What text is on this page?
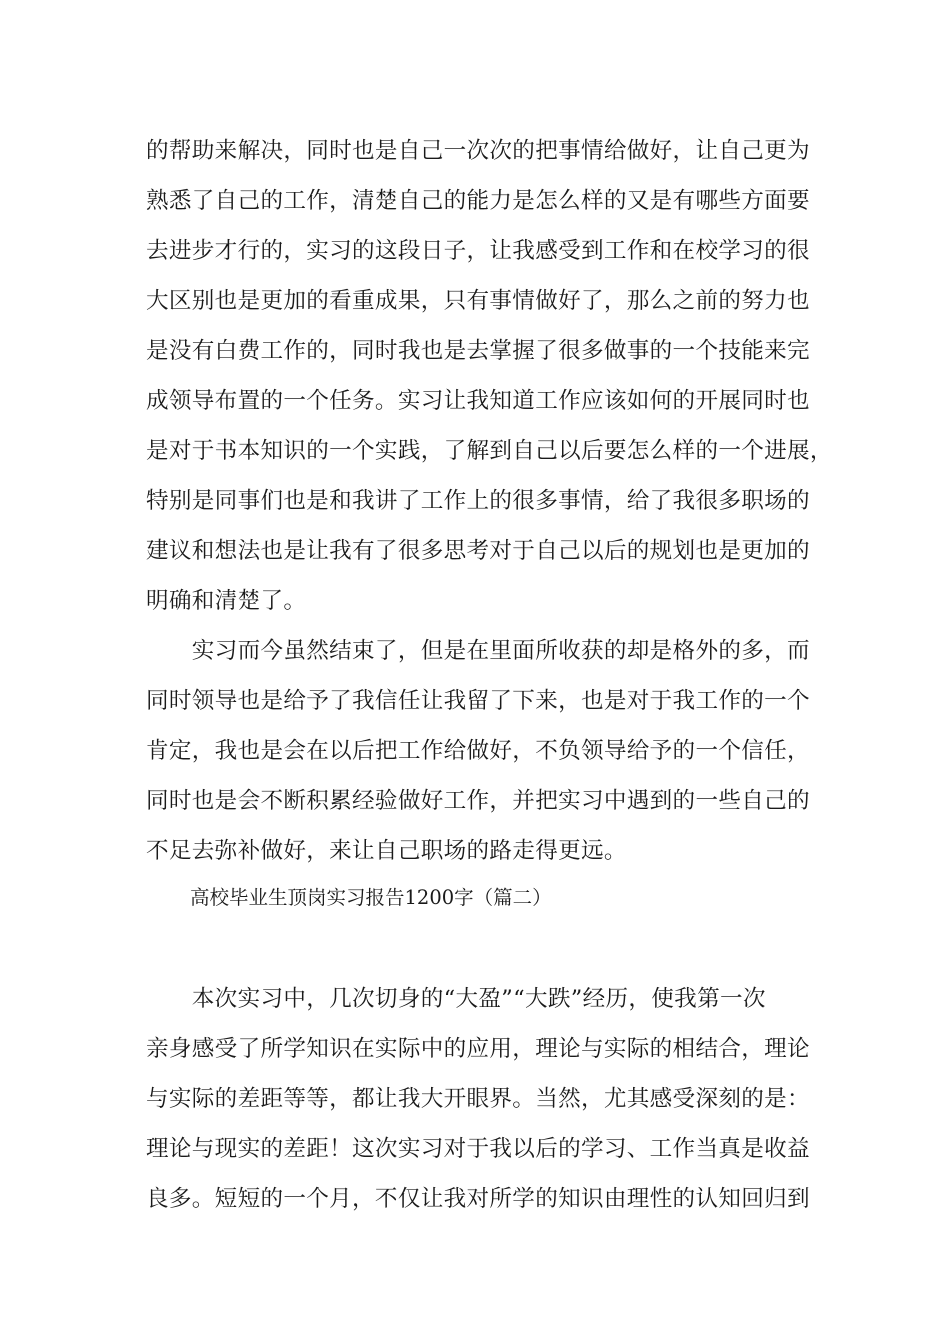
的帮助来解决，同时也是自己一次次的把事情给做好，让自己更为
熟悉了自己的工作，清楚自己的能力是怎么样的又是有哪些方面要
去进步才行的，实习的这段日子，让我感受到工作和在校学习的很
大区别也是更加的看重成果，只有事情做好了，那么之前的努力也
是没有白费工作的，同时我也是去掌握了很多做事的一个技能来完
成领导布置的一个任务。实习让我知道工作应该如何的开展同时也
是对于书本知识的一个实践，了解到自己以后要怎么样的一个进展，
特别是同事们也是和我讲了工作上的很多事情，给了我很多职场的
建议和想法也是让我有了很多思考对于自己以后的规划也是更加的
明确和清楚了。
　　实习而今虽然结束了，但是在里面所收获的却是格外的多，而
同时领导也是给予了我信任让我留了下来，也是对于我工作的一个
肯定，我也是会在以后把工作给做好，不负领导给予的一个信任，
同时也是会不断积累经验做好工作，并把实习中遇到的一些自己的
不足去弥补做好，来让自己职场的路走得更远。
高校毕业生顶岗实习报告1200字（篇二）
　　本次实习中，几次切身的“大盈”“大跌”经历，使我第一次
亲身感受了所学知识在实际中的应用，理论与实际的相结合，理论
与实际的差距等等，都让我大开眼界。当然，尤其感受深刻的是：
理论与现实的差距！这次实习对于我以后的学习、工作当真是收益
良多。短短的一个月，不仅让我对所学的知识由理性的认知回归到
